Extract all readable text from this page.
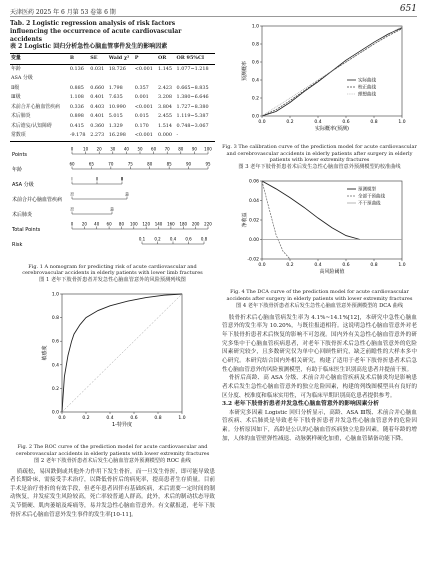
天津医药 2025 年 6 月第 53 卷第 6 期	651
Tab. 2 Logistic regression analysis of risk factors influencing the occurrence of acute cardiovascular accidents
表 2 Logistic 回归分析急性心脑血管事件发生的影响因素
变量	B	SE	Wald χ²	P	OR	OR 95%CI
年龄	0.136	0.031	18.726	<0.001	1.145	1.077~1.218
ASA 分级						
Ⅱ级	0.885	0.660	1.798	0.357	2.423	0.665~8.835
Ⅲ级	1.108	0.401	7.635	0.001	3.208	1.380~6.646
术前合并心脑血管疾病	0.336	0.403	10.990	<0.001	3.804	1.727~8.380
术后肺炎	0.898	0.401	5.015	0.015	2.455	1.119~5.387
术后谵妄/认知障碍	0.415	0.360	1.329	0.170	1.514	0.748~3.067
常数项	-9.178	2.273	16.298	<0.001	0.000	-
Points
年龄
ASA 分级
术前合并心脑血管疾病
术后肺炎
Total Points
Risk
0 10 20 30 40 50 60 70 80 90 100
60	65	70	75	80	85	90	95
Ⅰ	Ⅱ	Ⅲ
否	是
否	是
0 20 40 60 80 100 120 140 160 180 200 220
0.1 0.2 0.4 0.6 0.8
Fig. 1 A nomogram for predicting risk of acute cardiovascular and cerebrovascular accidents in elderly patients with lower limb fractures
图 1 老年下肢骨折患者并发急性心脑血管意外的风险预测列线图
0.0	0.2	0.4	0.6	0.8	1.0
0.0
0.2
0.4
0.6
0.8
1.0
1-特异度
敏感度
Fig. 2 The ROC curve of the prediction model for acute cardiovascular and cerebrovascular accidents in elderly patients with lower extremity fractures
图 2 老年下肢骨折患者术后发生心脑血管意外预测模型的 ROC 曲线

质疏松，易因跌倒或其他外力作用下发生骨折，而一旦发生骨折，即可能导致患者长期卧床，需接受手术治疗，以降低骨折后的病死率，提高患者生存质量。目前手术是治疗骨折的有效手段，但老年患者因伴有基础疾病，术后需要一定时间的制动恢复，并发症发生风险较高，死亡率较普通人群高。此外，术后的制动状态导致关节僵硬、肌肉萎缩及疼痛等，易并发急性心脑血管意外。有文献报道，老年下肢骨折术后心脑血管意外发生事件的发生率[10-11]。

0.0	0.2	0.4	0.6	0.8	1.0
0.0
0.2
0.4
0.6
0.8
1.0
实际概率(预测)
预测概率
实际曲线
校正曲线
理想曲线
Fig. 3 The calibration curve of the prediction model for acute cardiovascular and cerebrovascular accidents in elderly patients after surgery in elderly patients with lower extremity fractures
图 3 老年下肢骨折患者术后发生急性心脑血管意外预测模型的校准曲线
0.0	0.2	0.4	0.6	0.8	1.0
-0.02
0.00
0.02
0.04
0.06
高风险阈值
净收益
预测模型
全部干预曲线
不干预曲线
Fig. 4 The DCA curve of the prediction model for acute cardiovascular accidents after surgery in elderly patients with lower extremity fractures
图 4 老年下肢骨折患者术后发生急性心脑血管意外预测模型的 DCA 曲线

肢骨折术后心脑血管病发生率为 4.1%~14.1%[12]，本研究中急性心脑血管意外的发生率为 10.20%，与既往报道相符。这说明急性心脑血管意外对老年下肢骨折患者术后恢复的影响不可忽视。国内外有关急性心脑血管意外的研究多集中于心脑血管疾病患者，对老年下肢骨折术后急性心脑血管意外的危险因素研究较少，且多数研究仅为单中心回顾性研究，缺乏前瞻性的大样本多中心研究。本研究结合国内外相关研究，构建了适用于老年下肢骨折患者术后急性心脑血管意外的风险预测模型，有助于临床医生识别高危患者并提前干预。

骨折后高龄、高 ASA 分级、术前合并心脑血管疾病及术后肺炎均是影响患者术后发生急性心脑血管意外的独立危险因素，构建的列线图模型具有良好的区分度、校准度和临床实用性，可为临床早期识别高危患者提供参考。

3.2 老年下肢骨折患者并发急性心脑血管意外的影响因素分析

本研究多因素 Logistic 回归分析显示，高龄、ASA Ⅲ级、术前合并心脑血管疾病、术后肺炎是导致老年下肢骨折患者并发急性心脑血管意外的危险因素。分析原因如下，高龄是公认的心脑血管疾病独立危险因素，随着年龄的增加，人体的血管壁弹性减退、动脉粥样硬化加重，心脑血管储备功能下降。
